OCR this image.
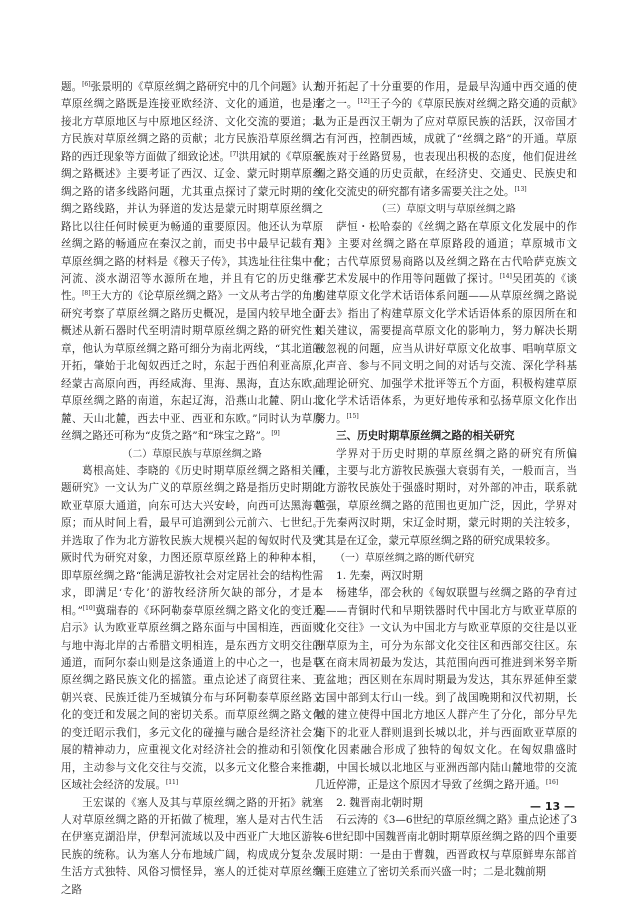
题。[6]张景明的《草原丝绸之路研究中的几个问题》认为草原丝绸之路既是连接亚欧经济、文化的通道，也是连接北方草原地区与中原地区经济、文化交流的要道；北方民族对草原丝绸之路的贡献；北方民族沿草原丝绸之路的西迁现象等方面做了细致论述。[7]洪用斌的《草原丝绸之路概述》主要考证了西汉、辽金、蒙元时期草原丝绸之路的诸多线路问题，尤其重点探讨了蒙元时期的丝绸之路线路，并认为驿道的发达是蒙元时期草原丝绸之路比以往任何时候更为畅通的重要原因。他还认为草原丝绸之路的畅通应在秦汉之前，而史书中最早记载有关草原丝绸之路的材料是《穆天子传》，其选址往往集中在河流、淡水湖沼等水源所在地，并且有它的历史继承性。[8]王大方的《论草原丝绸之路》一文从考古学的角度研究考察了草原丝绸之路历史概况，是国内较早地全面概述从新石器时代至明清时期草原丝绸之路的研究性文章，他认为草原丝绸之路可细分为南北两线，“其北道的开拓，肇始于北匈奴西迁之时，东起于西伯利亚高原，经蒙古高原向西，再经咸海、里海、黑海，直达东欧。草原丝绸之路的南道，东起辽海，沿燕山北麓、阴山北麓、天山北麓，西去中亚、西亚和东欧。”同时认为草原丝绸之路还可称为“皮货之路”和“珠宝之路”。[9]

（二）草原民族与草原丝绸之路

葛根高娃、李晓的《历史时期草原丝绸之路相关问题研究》一文认为广义的草原丝绸之路是指历史时期的欧亚草原大通道，向东可达大兴安岭，向西可达黑海草原；而从时间上看，最早可追溯到公元前六、七世纪。并选取了作为北方游牧民族大规模兴起的匈奴时代及突厥时代为研究对象，力图还原草原丝路上的种种本相，即草原丝绸之路“能满足游牧社会对定居社会的结构性需求，即满足‘专化’的游牧经济所欠缺的部分，才是本相。”[10]冀瑞春的《环阿勒泰草原丝绸之路文化的变迁及启示》认为欧亚草原丝绸之路东面与中国相连，西面则与地中海北岸的古希腊文明相连，是东西方文明交往的通道，而阿尔泰山则是这条通道上的中心之一，也是草原丝绸之路民族文化的摇篮。重点论述了商贸往来、王朝兴衰、民族迁徙乃至城镇分布与环阿勒泰草原丝路文化的变迁和发展之间的密切关系。而草原丝绸之路文化的变迁昭示我们，多元文化的碰撞与融合是经济社会发展的精神动力，应重视文化对经济社会的推动和引领作用，主动参与文化交往与交流，以多元文化整合来推动区域社会经济的发展。[11]

王宏谋的《塞人及其与草原丝绸之路的开拓》就塞人对草原丝绸之路的开拓做了梳理，塞人是对古代生活在伊塞克湖沿岸，伊犁河流域以及中西亚广大地区游牧民族的统称。认为塞人分布地域广阔，构成成分复杂、生活方式独特、风俗习惯怪异，塞人的迁徙对草原丝绸之路

的开拓起了十分重要的作用，是最早沟通中西交通的使者之一。[12]王子今的《草原民族对丝绸之路交通的贡献》认为正是西汉王朝为了应对草原民族的活跃，汉帝国才占有河西，控制西域，成就了“丝绸之路”的开通。草原民族对于丝路贸易，也表现出积极的态度，他们促进丝绸之路交通的历史贡献，在经济史、交通史、民族史和文化交流史的研究都有诸多需要关注之处。[13]

（三）草原文明与草原丝绸之路

萨恒・松哈泰的《丝绸之路在草原文化发展中的作用》主要对丝绸之路在草原路段的通道；草原城市文化；古代草原贸易商路以及丝绸之路在古代哈萨克族文学艺术发展中的作用等问题做了探讨。[14]吴团英的《谈构建草原文化学术话语体系问题——从草原丝绸之路说开去》指出了构建草原文化学术话语体系的原因所在和相关建议，需要提高草原文化的影响力，努力解决长期被忽视的问题，应当从讲好草原文化故事、唱响草原文化声音、参与不同文明之间的对话与交流、深化学科基础理论研究、加强学术批评等五个方面，积极构建草原文化学术话语体系，为更好地传承和弘扬草原文化作出努力。[15]

三、历史时期草原丝绸之路的相关研究

学界对于历史时期的草原丝绸之路的研究有所偏重，主要与北方游牧民族强大衰弱有关，一般而言，当北方游牧民族处于强盛时期时，对外部的冲击，联系就越强，草原丝绸之路的范围也更加广泛，因此，学界对于先秦两汉时期，宋辽金时期，蒙元时期的关注较多，尤其是在辽金，蒙元草原丝绸之路的研究成果较多。

（一）草原丝绸之路的断代研究

1. 先秦，两汉时期

杨建华，邵会秋的《匈奴联盟与丝绸之路的孕育过程——青铜时代和早期铁器时代中国北方与欧亚草原的文化交往》一文认为中国北方与欧亚草原的交往是以亚洲草原为主，可分为东部文化交往区和西部交往区。东区在商末周初最为发达，其范围向西可推进到米努辛斯克盆地；西区则在东周时期最为发达，其东界延伸至蒙古国中部到太行山一线。到了战国晚期和汉代初期，长城的建立使得中国北方地区人群产生了分化，部分早先南下的北亚人群则退到长城以北，并与西面欧亚草原的文化因素融合形成了独特的匈奴文化。在匈奴鼎盛时期，中国长城以北地区与亚洲西部内陆山麓地带的交流几近停滞，正是这个原因才导致了丝绸之路开通。[16]

2. 魏晋南北朝时期

石云涛的《3—6世纪的草原丝绸之路》重点论述了3—6世纪即中国魏晋南北朝时期草原丝绸之路的四个重要发展时期：一是由于曹魏，西晋政权与草原鲜卑东部首领王庭建立了密切关系而兴盛一时；二是北魏前期

— 13 —
